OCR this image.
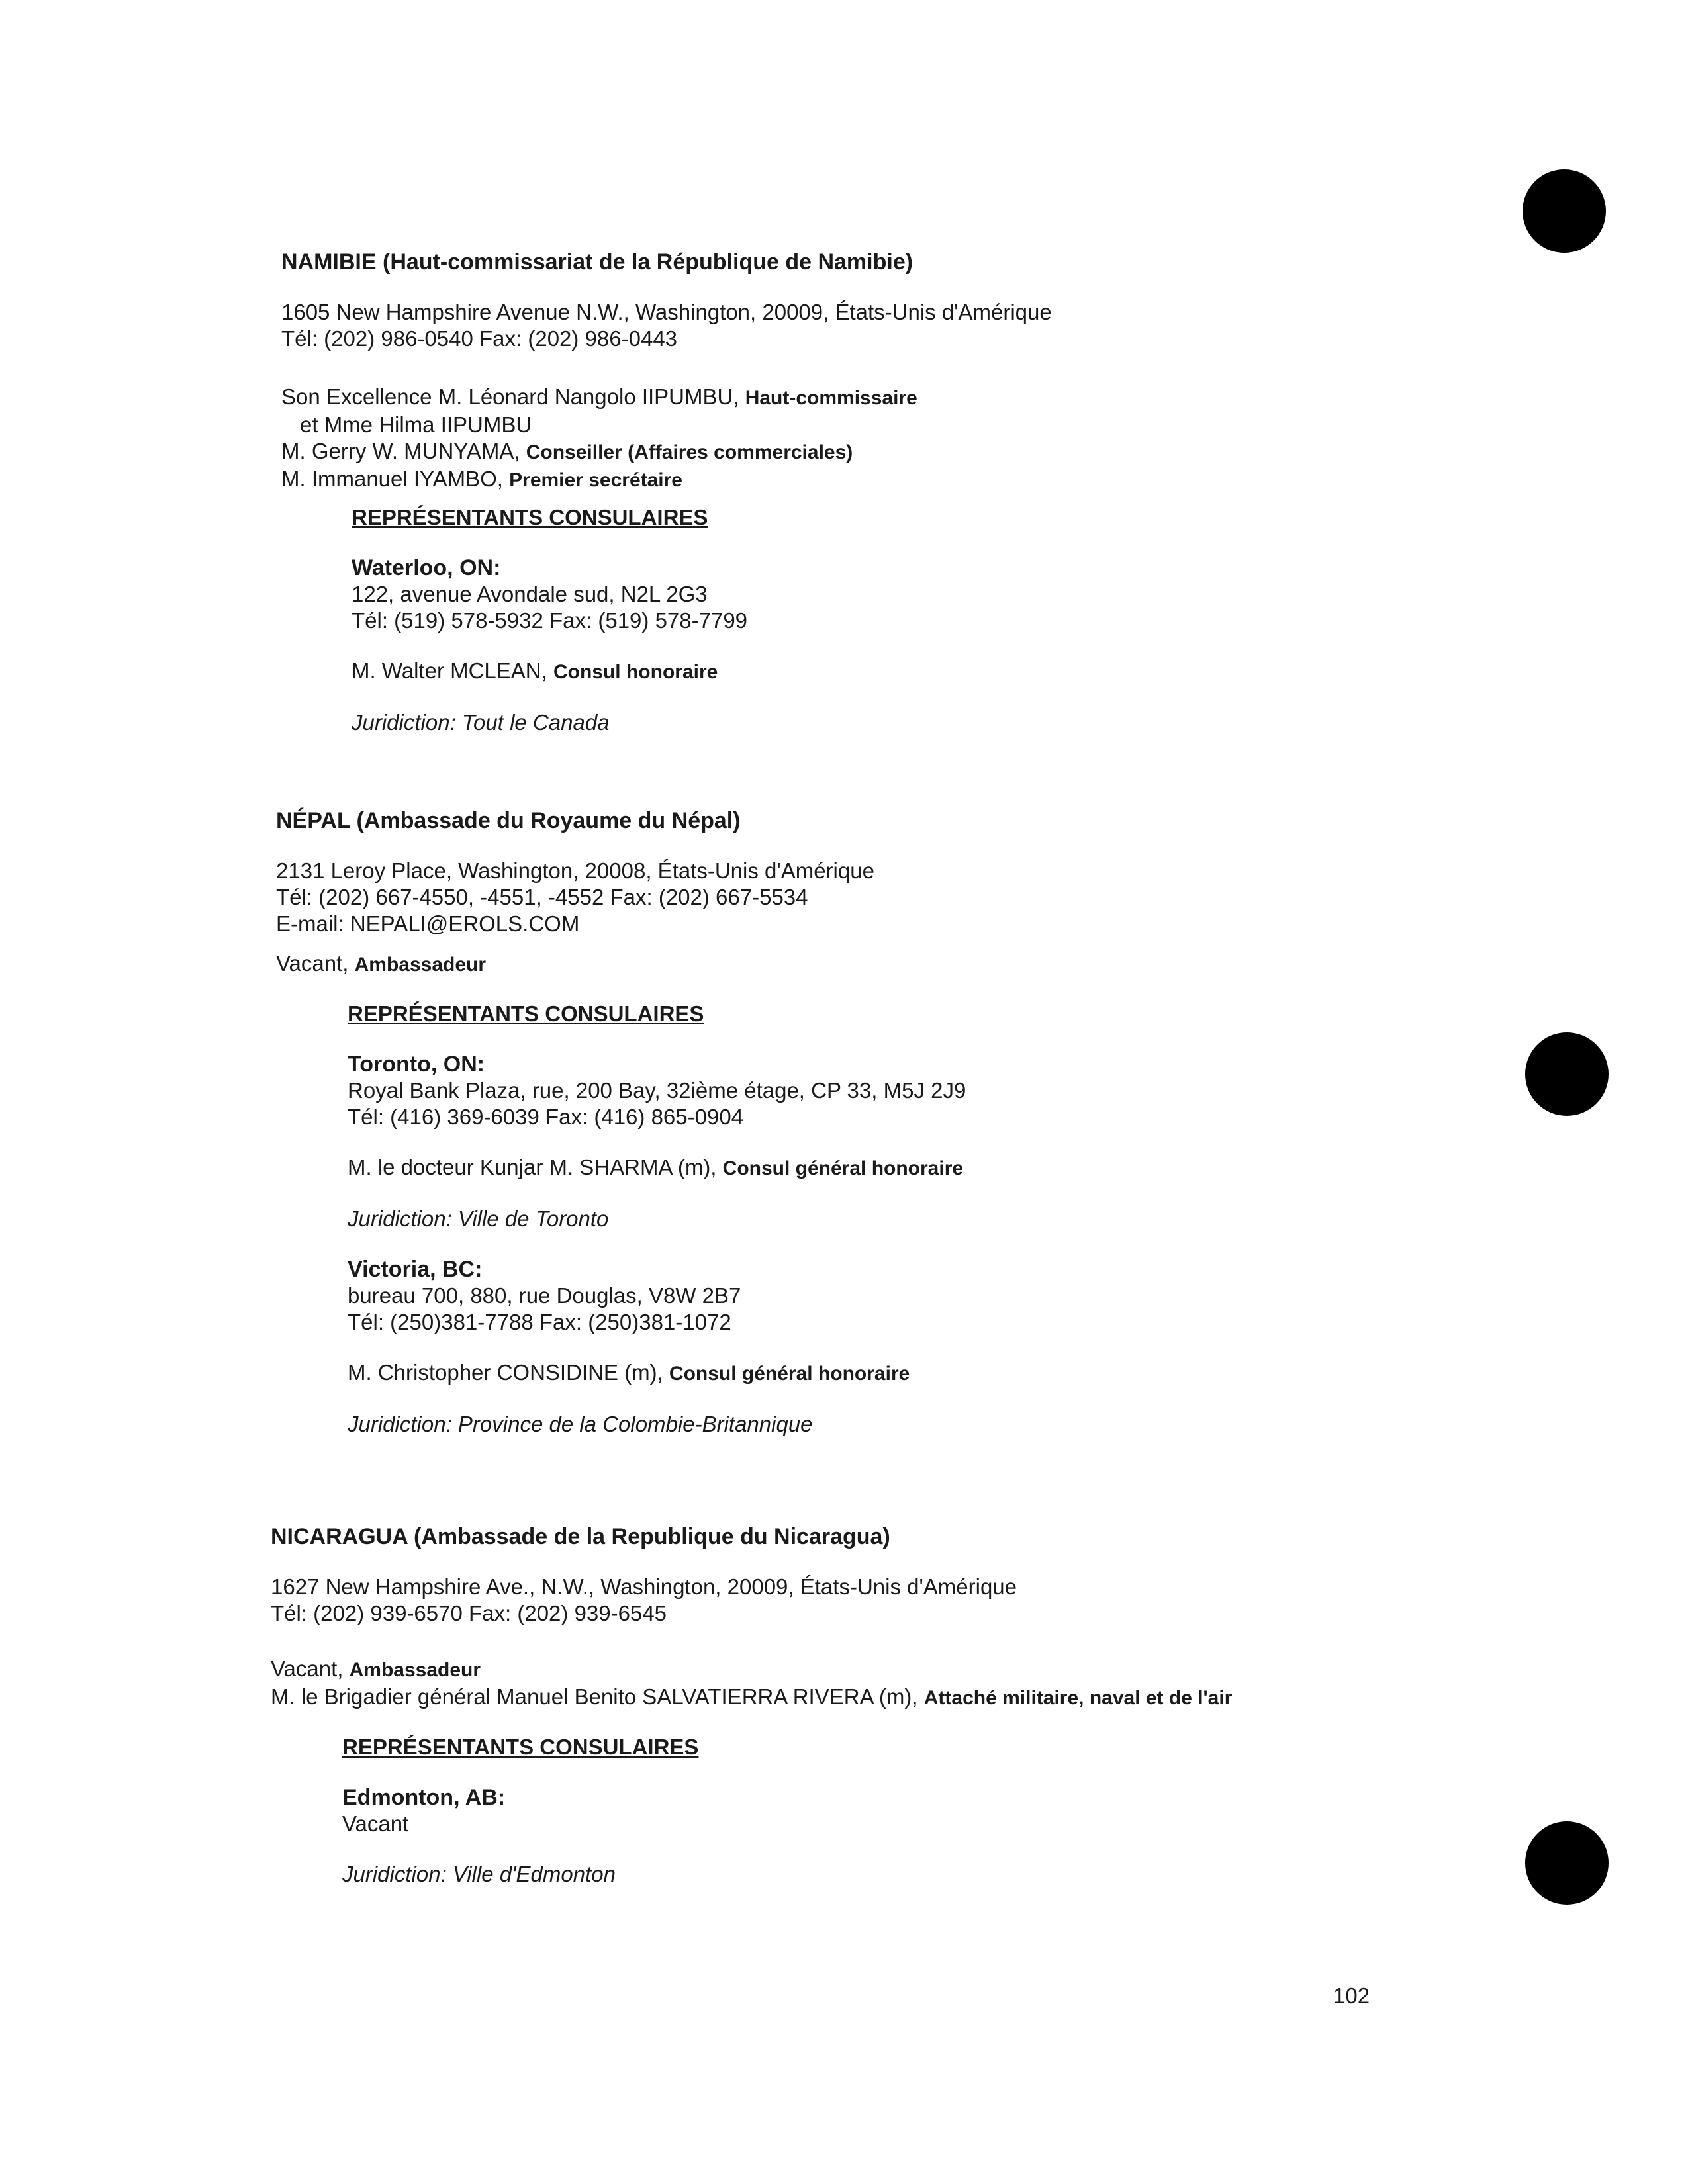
NAMIBIE (Haut-commissariat de la République de Namibie)
1605 New Hampshire Avenue N.W., Washington, 20009, États-Unis d'Amérique
Tél: (202) 986-0540 Fax: (202) 986-0443
Son Excellence M. Léonard Nangolo IIPUMBU, Haut-commissaire
et Mme Hilma IIPUMBU
M. Gerry W. MUNYAMA, Conseiller (Affaires commerciales)
M. Immanuel IYAMBO, Premier secrétaire
REPRÉSENTANTS CONSULAIRES
Waterloo, ON:
122, avenue Avondale sud, N2L 2G3
Tél: (519) 578-5932 Fax: (519) 578-7799
M. Walter MCLEAN, Consul honoraire
Juridiction: Tout le Canada
NÉPAL (Ambassade du Royaume du Népal)
2131 Leroy Place, Washington, 20008, États-Unis d'Amérique
Tél: (202) 667-4550, -4551, -4552 Fax: (202) 667-5534
E-mail: NEPALI@EROLS.COM
Vacant, Ambassadeur
REPRÉSENTANTS CONSULAIRES
Toronto, ON:
Royal Bank Plaza, rue, 200 Bay, 32ième étage, CP 33, M5J 2J9
Tél: (416) 369-6039 Fax: (416) 865-0904
M. le docteur Kunjar M. SHARMA (m), Consul général honoraire
Juridiction: Ville de Toronto
Victoria, BC:
bureau 700, 880, rue Douglas, V8W 2B7
Tél: (250)381-7788 Fax: (250)381-1072
M. Christopher CONSIDINE (m), Consul général honoraire
Juridiction: Province de la Colombie-Britannique
NICARAGUA (Ambassade de la Republique du Nicaragua)
1627 New Hampshire Ave., N.W., Washington, 20009, États-Unis d'Amérique
Tél: (202) 939-6570 Fax: (202) 939-6545
Vacant, Ambassadeur
M. le Brigadier général Manuel Benito SALVATIERRA RIVERA (m), Attaché militaire, naval et de l'air
REPRÉSENTANTS CONSULAIRES
Edmonton, AB:
Vacant
Juridiction: Ville d'Edmonton
102
